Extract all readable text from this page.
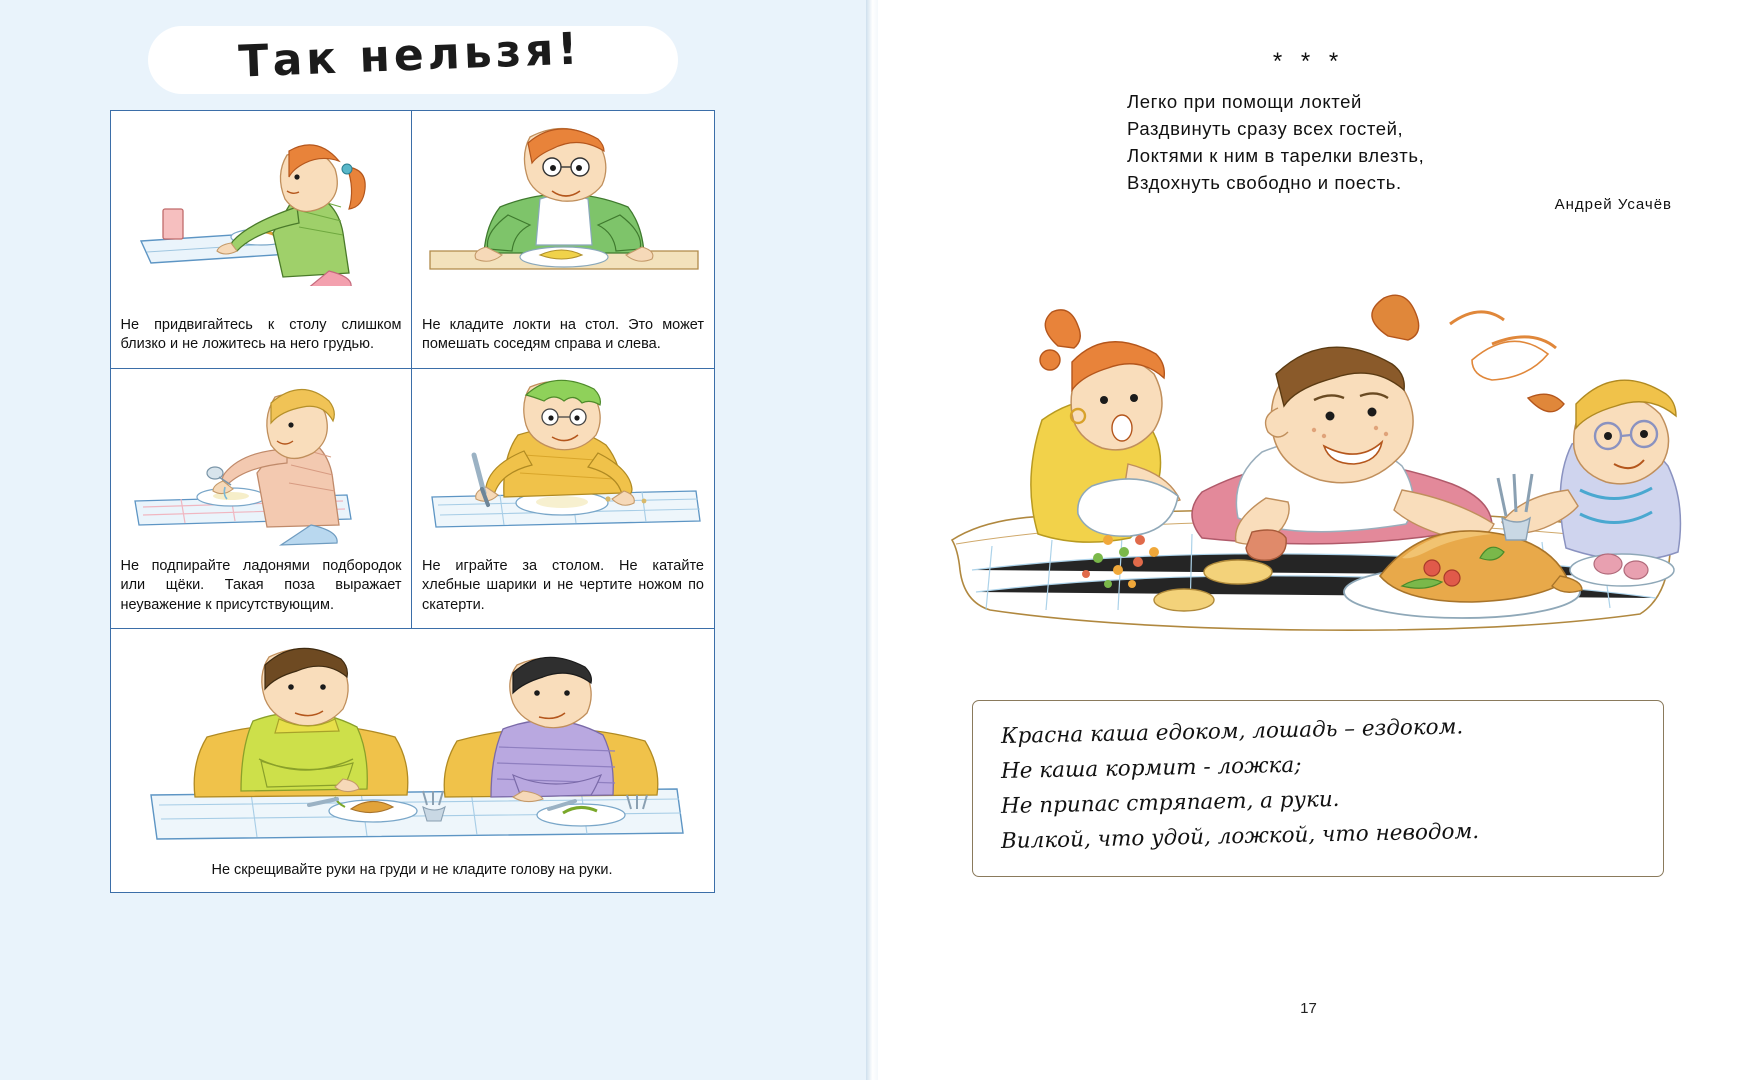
Так нельзя!
Не придвигайтесь к столу слишком близко и не ложитесь на него грудью.
Не кладите локти на стол. Это может помешать соседям справа и слева.
Не подпирайте ладонями подбородок или щёки. Такая поза выражает неуважение к присутствующим.
Не играйте за столом. Не катайте хлебные шарики и не чертите ножом по скатерти.
Не скрещивайте руки на груди и не кладите голову на руки.
* * *
Легко при помощи локтей
Раздвинуть сразу всех гостей,
Локтями к ним в тарелки влезть,
Вздохнуть свободно и поесть.
Андрей Усачёв
Красна каша едоком, лошадь – ездоком.
Не каша кормит - ложка;
Не припас стряпает, а руки.
Вилкой, что удой, ложкой, что неводом.
17
